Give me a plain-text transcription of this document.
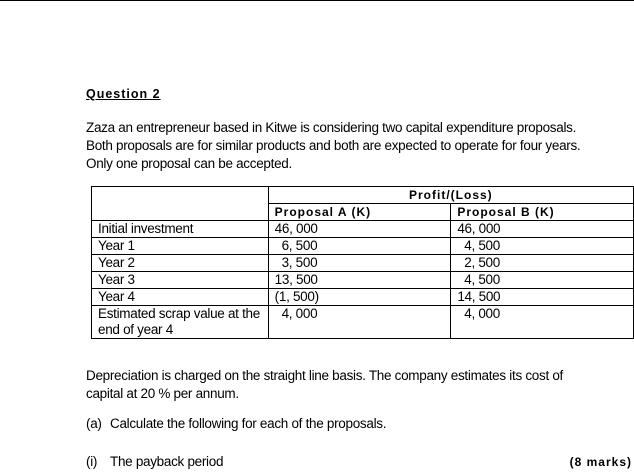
Question 2
Zaza an entrepreneur based in Kitwe is considering two capital expenditure proposals.
Both proposals are for similar products and both are expected to operate for four years.
Only one proposal can be accepted.
	Profit/(Loss)	
	Proposal A (K)	Proposal B (K)
Initial investment	46, 000	46, 000
Year 1	6, 500	4, 500
Year 2	3, 500	2, 500
Year 3	13, 500	4, 500
Year 4	(1, 500)	14, 500
Estimated scrap value at the end of year 4	4, 000	4, 000
Depreciation is charged on the straight line basis. The company estimates its cost of
capital at 20 % per annum.
(a) Calculate the following for each of the proposals.
(i) The payback period	(8 marks)
